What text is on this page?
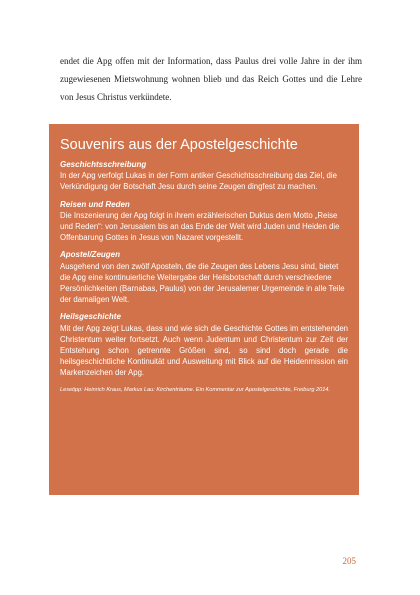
endet die Apg offen mit der Information, dass Paulus drei volle Jahre in der ihm zugewiesenen Mietswohnung wohnen blieb und das Reich Gottes und die Lehre von Jesus Christus verkündete.
Souvenirs aus der Apostelgeschichte
Geschichtsschreibung
In der Apg verfolgt Lukas in der Form antiker Geschichtsschreibung das Ziel, die Verkündigung der Botschaft Jesu durch seine Zeugen dingfest zu machen.
Reisen und Reden
Die Inszenierung der Apg folgt in ihrem erzählerischen Duktus dem Motto „Reise und Reden“: von Jerusalem bis an das Ende der Welt wird Juden und Heiden die Offenbarung Gottes in Jesus von Nazaret vorgestellt.
Apostel/Zeugen
Ausgehend von den zwölf Aposteln, die die Zeugen des Lebens Jesu sind, bietet die Apg eine kontinuierliche Weitergabe der Heilsbotschaft durch verschiedene Persönlichkeiten (Barnabas, Paulus) von der Jerusalemer Urgemeinde in alle Teile der damaligen Welt.
Heilsgeschichte
Mit der Apg zeigt Lukas, dass und wie sich die Geschichte Gottes im entstehenden Christentum weiter fortsetzt. Auch wenn Judentum und Christentum zur Zeit der Entstehung schon getrennte Größen sind, so sind doch gerade die heilsgeschichtliche Kontinuität und Ausweitung mit Blick auf die Heidenmission ein Markenzeichen der Apg.
Lesetipp: Heinrich Kraus, Markus Lau: Kirchenträume. Ein Kommentar zur Apostelgeschichte, Freiburg 2014.
205
